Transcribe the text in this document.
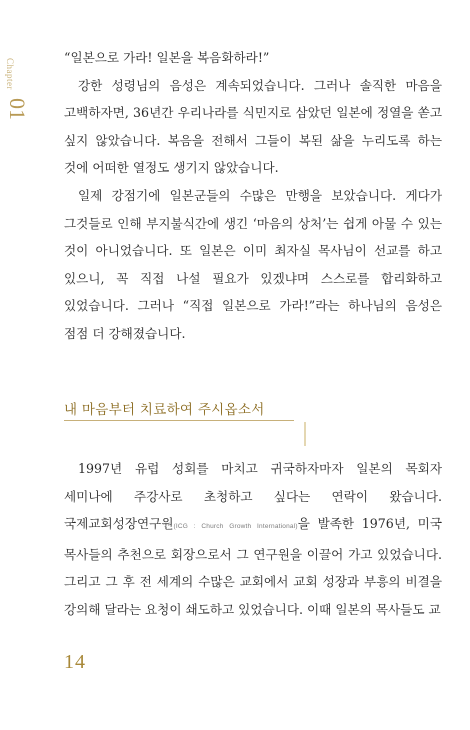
Chapter
01

“일본으로 가라! 일본을 복음화하라!”

강한 성령님의 음성은 계속되었습니다. 그러나 솔직한 마음을 고백하자면, 36년간 우리나라를 식민지로 삼았던 일본에 정열을 쏟고 싶지 않았습니다. 복음을 전해서 그들이 복된 삶을 누리도록 하는 것에 어떠한 열정도 생기지 않았습니다.

일제 강점기에 일본군들의 수많은 만행을 보았습니다. 게다가 그것들로 인해 부지불식간에 생긴 ‘마음의 상처’는 쉽게 아물 수 있는 것이 아니었습니다. 또 일본은 이미 최자실 목사님이 선교를 하고 있으니, 꼭 직접 나설 필요가 있겠냐며 스스로를 합리화하고 있었습니다. 그러나 “직접 일본으로 가라!”라는 하나님의 음성은 점점 더 강해졌습니다.

내 마음부터 치료하여 주시옵소서

1997년 유럽 성회를 마치고 귀국하자마자 일본의 목회자 세미나에 주강사로 초청하고 싶다는 연락이 왔습니다. 국제교회성장연구원(ICG : Church Growth International)을 발족한 1976년, 미국 목사들의 추천으로 회장으로서 그 연구원을 이끌어 가고 있었습니다. 그리고 그 후 전 세계의 수많은 교회에서 교회 성장과 부흥의 비결을 강의해 달라는 요청이 쇄도하고 있었습니다. 이때 일본의 목사들도 교

14
